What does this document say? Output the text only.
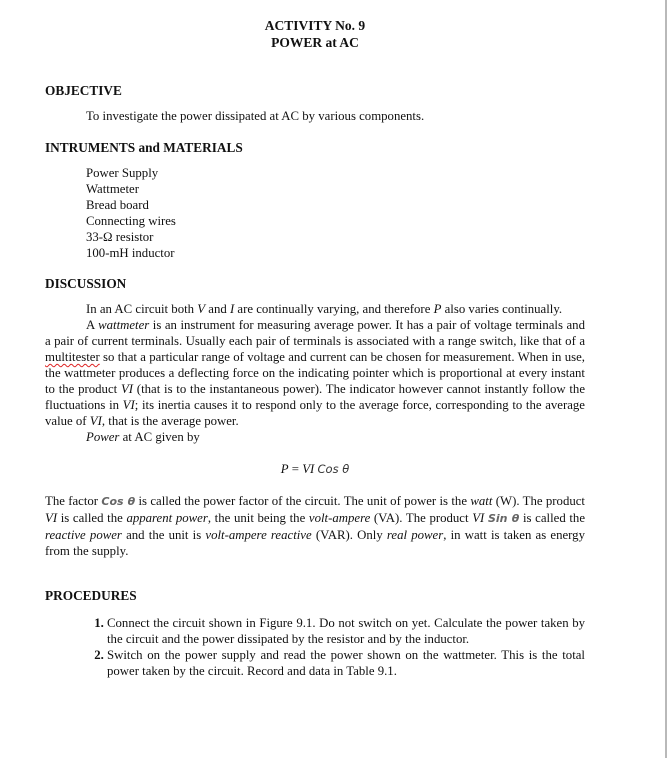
ACTIVITY No. 9
POWER at AC
OBJECTIVE
To investigate the power dissipated at AC by various components.
INTRUMENTS and MATERIALS
Power Supply
Wattmeter
Bread board
Connecting wires
33-Ω resistor
100-mH inductor
DISCUSSION

In an AC circuit both V and I are continually varying, and therefore P also varies continually.

A wattmeter is an instrument for measuring average power. It has a pair of voltage terminals and a pair of current terminals. Usually each pair of terminals is associated with a range switch, like that of a multitester so that a particular range of voltage and current can be chosen for measurement. When in use, the wattmeter produces a deflecting force on the indicating pointer which is proportional at every instant to the product VI (that is to the instantaneous power). The indicator however cannot instantly follow the fluctuations in VI; its inertia causes it to respond only to the average force, corresponding to the average value of VI, that is the average power.

Power at AC given by

P = VI Cos θ

The factor Cos θ is called the power factor of the circuit. The unit of power is the watt (W). The product VI is called the apparent power, the unit being the volt-ampere (VA). The product VI Sin θ is called the reactive power and the unit is volt-ampere reactive (VAR). Only real power, in watt is taken as energy from the supply.

PROCEDURES
1. Connect the circuit shown in Figure 9.1. Do not switch on yet. Calculate the power taken by the circuit and the power dissipated by the resistor and by the inductor.
2. Switch on the power supply and read the power shown on the wattmeter. This is the total power taken by the circuit. Record and data in Table 9.1.
